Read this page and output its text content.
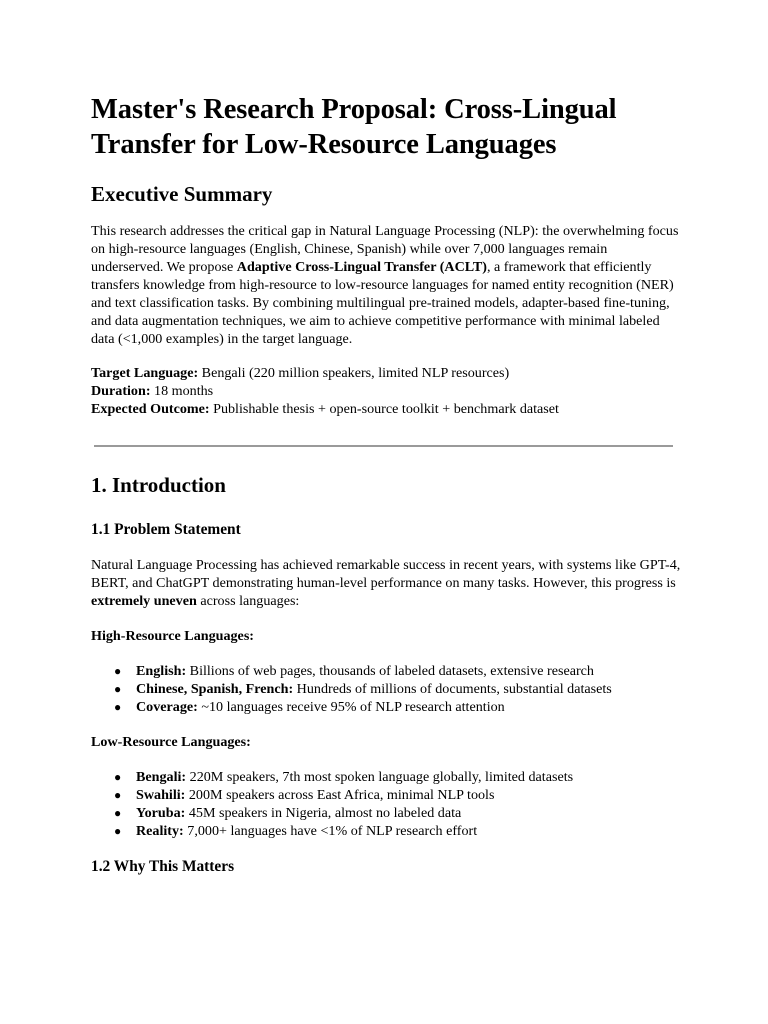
Master's Research Proposal: Cross-Lingual Transfer for Low-Resource Languages
Executive Summary

This research addresses the critical gap in Natural Language Processing (NLP): the overwhelming focus on high-resource languages (English, Chinese, Spanish) while over 7,000 languages remain underserved. We propose Adaptive Cross-Lingual Transfer (ACLT), a framework that efficiently transfers knowledge from high-resource to low-resource languages for named entity recognition (NER) and text classification tasks. By combining multilingual pre-trained models, adapter-based fine-tuning, and data augmentation techniques, we aim to achieve competitive performance with minimal labeled data (<1,000 examples) in the target language.

Target Language: Bengali (220 million speakers, limited NLP resources)
Duration: 18 months
Expected Outcome: Publishable thesis + open-source toolkit + benchmark dataset
1. Introduction
1.1 Problem Statement

Natural Language Processing has achieved remarkable success in recent years, with systems like GPT-4, BERT, and ChatGPT demonstrating human-level performance on many tasks. However, this progress is extremely uneven across languages:

High-Resource Languages:

● English: Billions of web pages, thousands of labeled datasets, extensive research
● Chinese, Spanish, French: Hundreds of millions of documents, substantial datasets
● Coverage: ~10 languages receive 95% of NLP research attention

Low-Resource Languages:

● Bengali: 220M speakers, 7th most spoken language globally, limited datasets
● Swahili: 200M speakers across East Africa, minimal NLP tools
● Yoruba: 45M speakers in Nigeria, almost no labeled data
● Reality: 7,000+ languages have <1% of NLP research effort
1.2 Why This Matters
